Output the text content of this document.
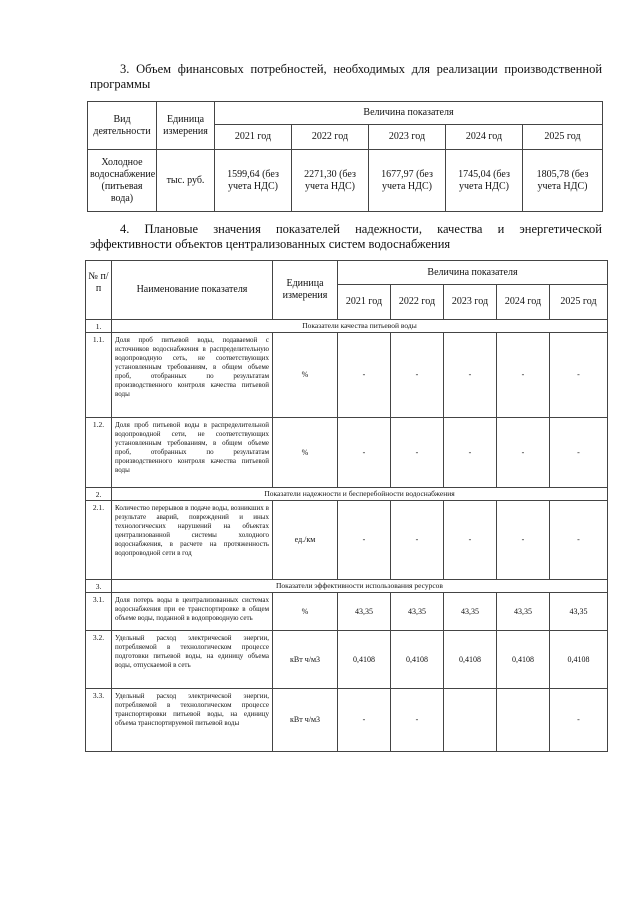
3. Объем финансовых потребностей, необходимых для реализации производственной программы
Вид деятельности	Единица измерения	Величина показателя				
		2021 год	2022 год	2023 год	2024 год	2025 год
Холодное водоснабжение (питьевая вода)	тыс. руб.	1599,64 (без учета НДС)	2271,30 (без учета НДС)	1677,97 (без учета НДС)	1745,04 (без учета НДС)	1805,78 (без учета НДС)
4. Плановые значения показателей надежности, качества и энергетической эффективности объектов централизованных систем водоснабжения
№ п/п	Наименование показателя	Единица измерения	Величина показателя				
			2021 год	2022 год	2023 год	2024 год	2025 год
1.	Показатели качества питьевой воды						
1.1.	Доля проб питьевой воды, подаваемой с источников водоснабжения в распределительную водопроводную сеть, не соответствующих установленным требованиям, в общем объеме проб, отобранных по результатам производственного контроля качества питьевой воды	%	-	-	-	-	-
1.2.	Доля проб питьевой воды в распределительной водопроводной сети, не соответствующих установленным требованиям, в общем объеме проб, отобранных по результатам производственного контроля качества питьевой воды	%	-	-	-	-	-
2.	Показатели надежности и бесперебойности водоснабжения						
2.1.	Количество перерывов в подаче воды, возникших в результате аварий, повреждений и иных технологических нарушений на объектах централизованной системы холодного водоснабжения, в расчете на протяженность водопроводной сети в год	ед./км	-	-	-	-	-
3.	Показатели эффективности использования ресурсов						
3.1.	Доля потерь воды в централизованных системах водоснабжения при ее транспортировке в общем объеме воды, поданной в водопроводную сеть	%	43,35	43,35	43,35	43,35	43,35
3.2.	Удельный расход электрической энергии, потребляемой в технологическом процессе подготовки питьевой воды, на единицу объема воды, отпускаемой в сеть	кВт ч/м3	0,4108	0,4108	0,4108	0,4108	0,4108
3.3.	Удельный расход электрической энергии, потребляемой в технологическом процессе транспортировки питьевой воды, на единицу объема транспортируемой питьевой воды	кВт ч/м3	-	-			-
